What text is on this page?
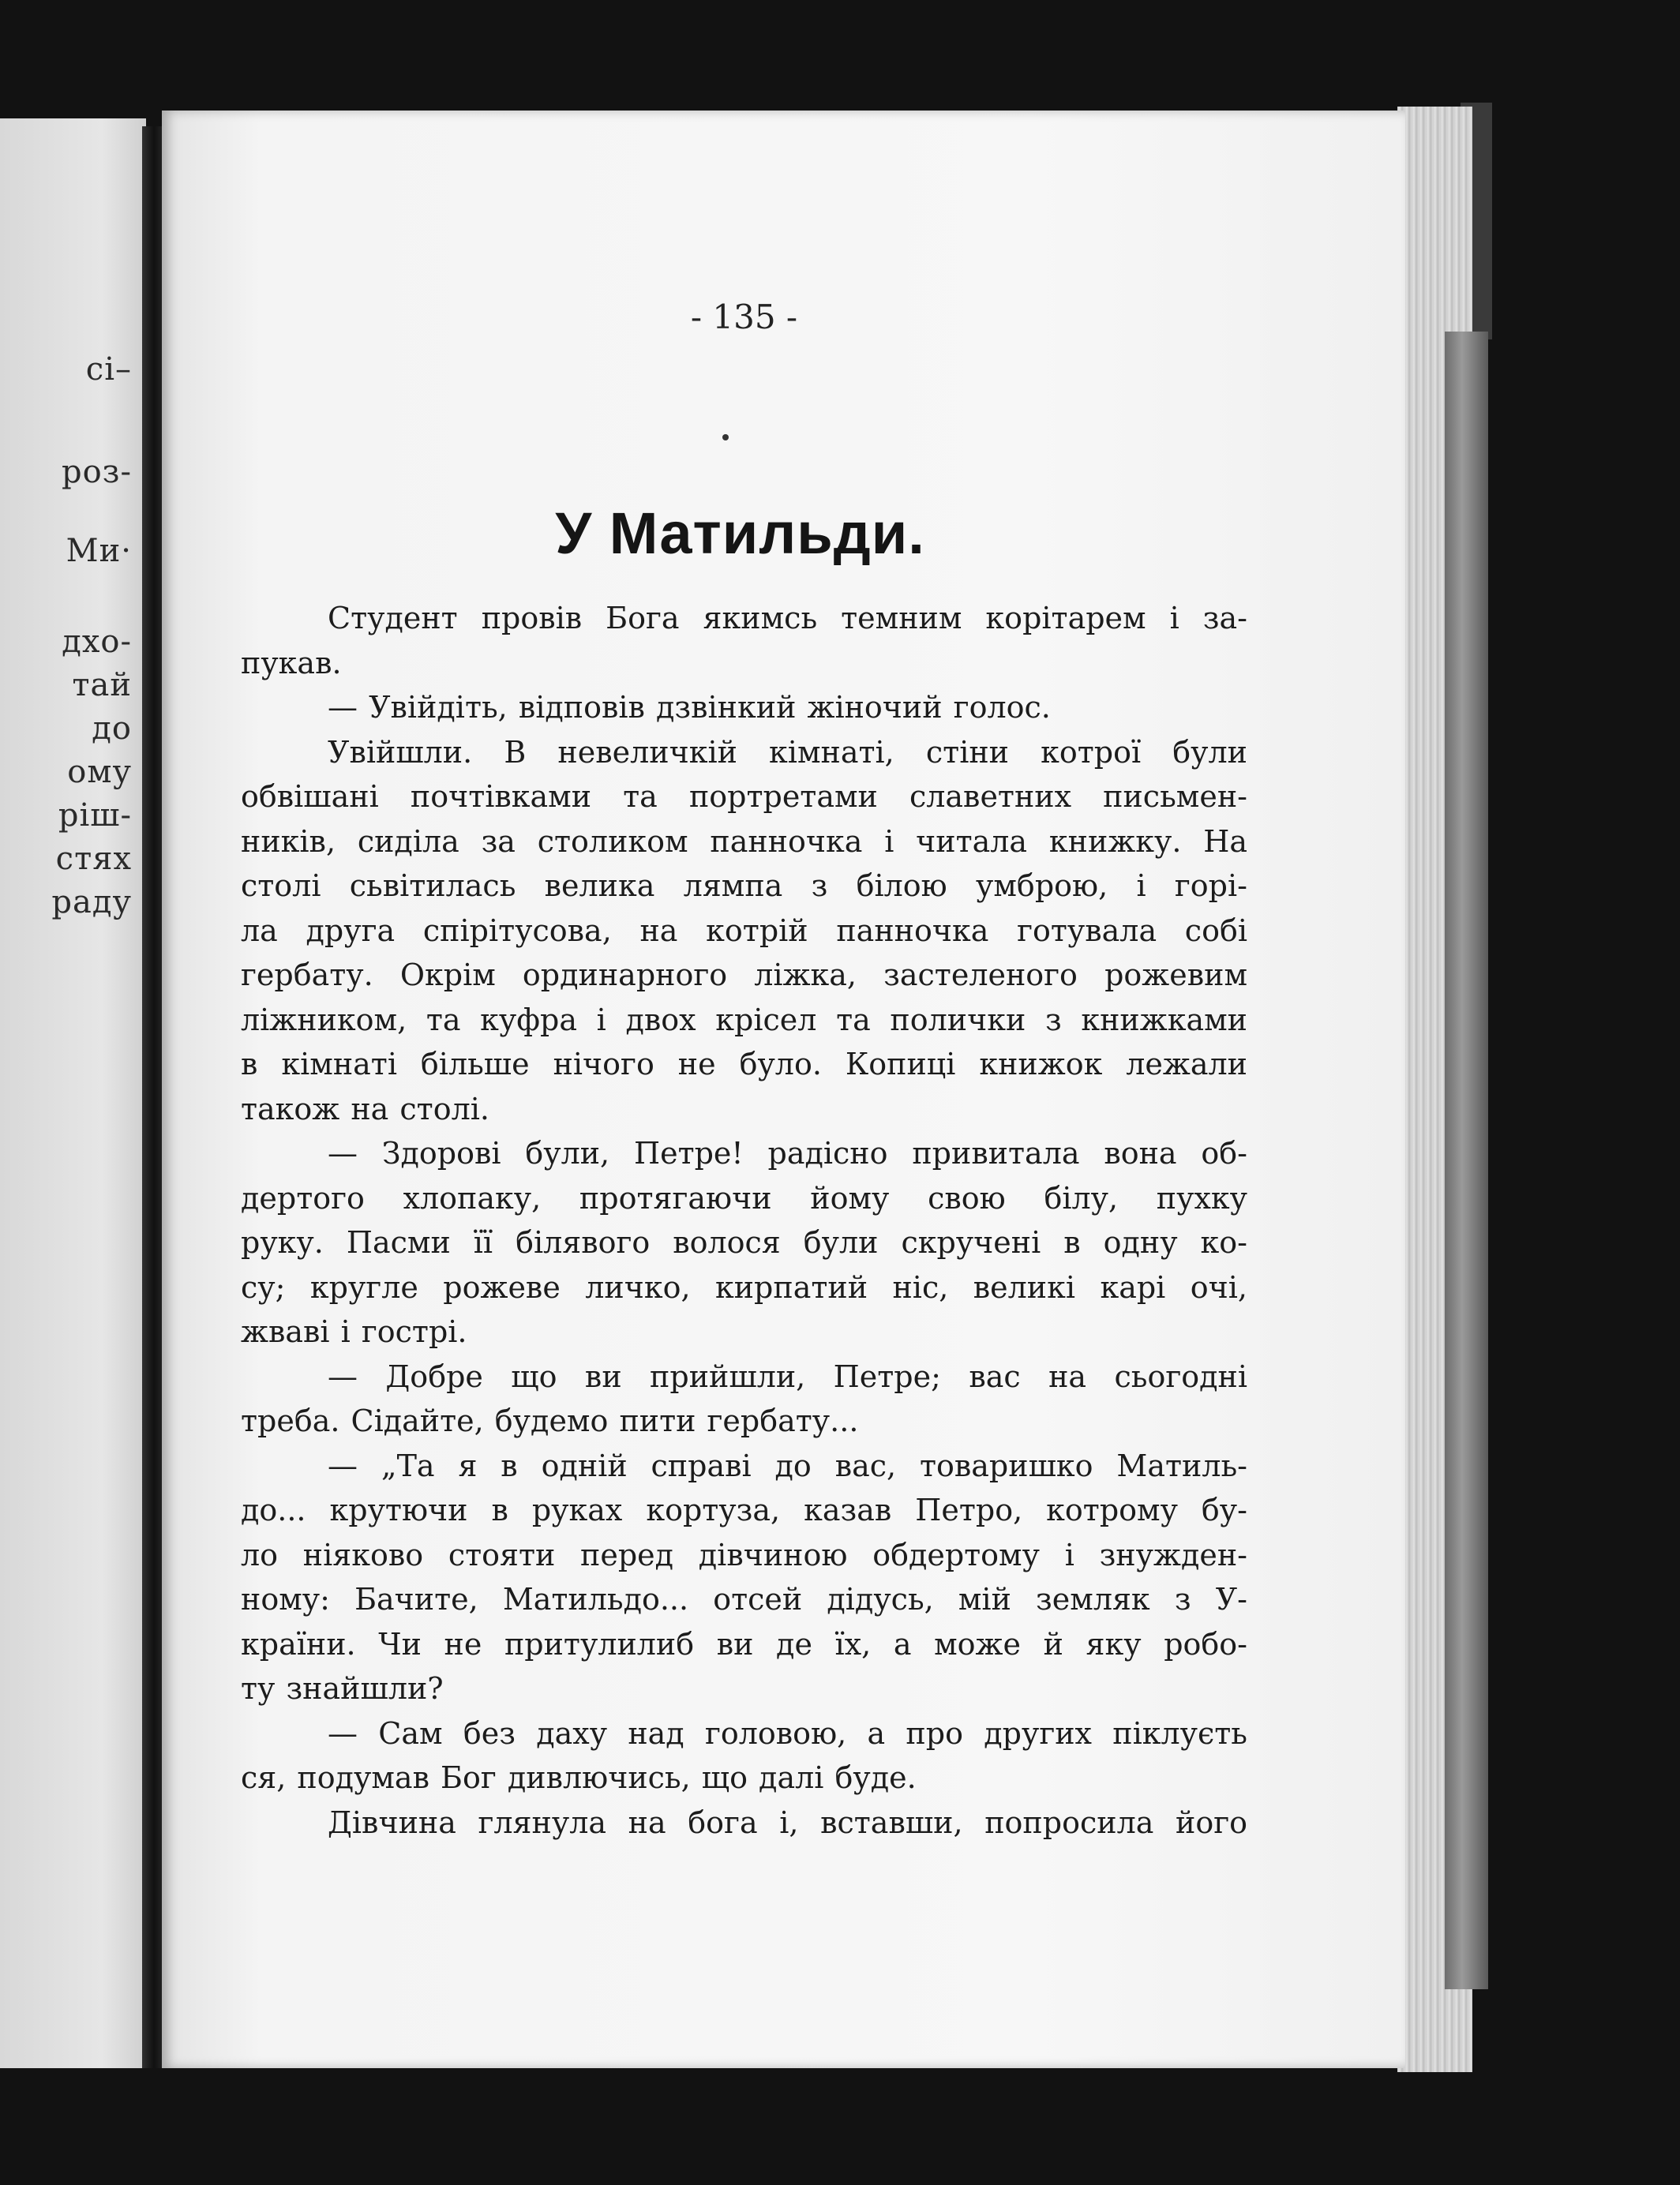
сі–
роз-
Ми·
дхо-
тай
до
ому
ріш-
стях
раду
- 135 -
У Матильди.
Студент провів Бога якимсь темним корітарем і за-
пукав.
— Увійдіть, відповів дзвінкий жіночий голос.
Увійшли. В невеличкій кімнаті, стіни котрої були
обвішані почтівками та портретами славетних письмен-
ників, сиділа за столиком панночка і читала книжку. На
столі сьвітилась велика лямпа з білою умброю, і горі-
ла друга спірітусова, на котрій панночка готувала собі
гербату. Окрім ординарного ліжка, застеленого рожевим
ліжником, та куфра і двох крісел та полички з книжками
в кімнаті більше нічого не було. Копиці книжок лежали
також на столі.
— Здорові були, Петре! радісно привитала вона об-
дертого хлопаку, протягаючи йому свою білу, пухку
руку. Пасми її білявого волося були скручені в одну ко-
су; кругле рожеве личко, кирпатий ніс, великі карі очі,
жваві і гострі.
— Добре що ви прийшли, Петре; вас на сьогодні
треба. Сідайте, будемо пити гербату...
— „Та я в одній справі до вас, товаришко Матиль-
до... крутючи в руках кортуза, казав Петро, котрому бу-
ло ніяково стояти перед дівчиною обдертому і знужден-
ному: Бачите, Матильдо... отсей дідусь, мій земляк з У-
країни. Чи не притулилиб ви де їх, а може й яку робо-
ту знайшли?
— Сам без даху над головою, а про других піклуєть
ся, подумав Бог дивлючись, що далі буде.
Дівчина глянула на бога і, вставши, попросила його
